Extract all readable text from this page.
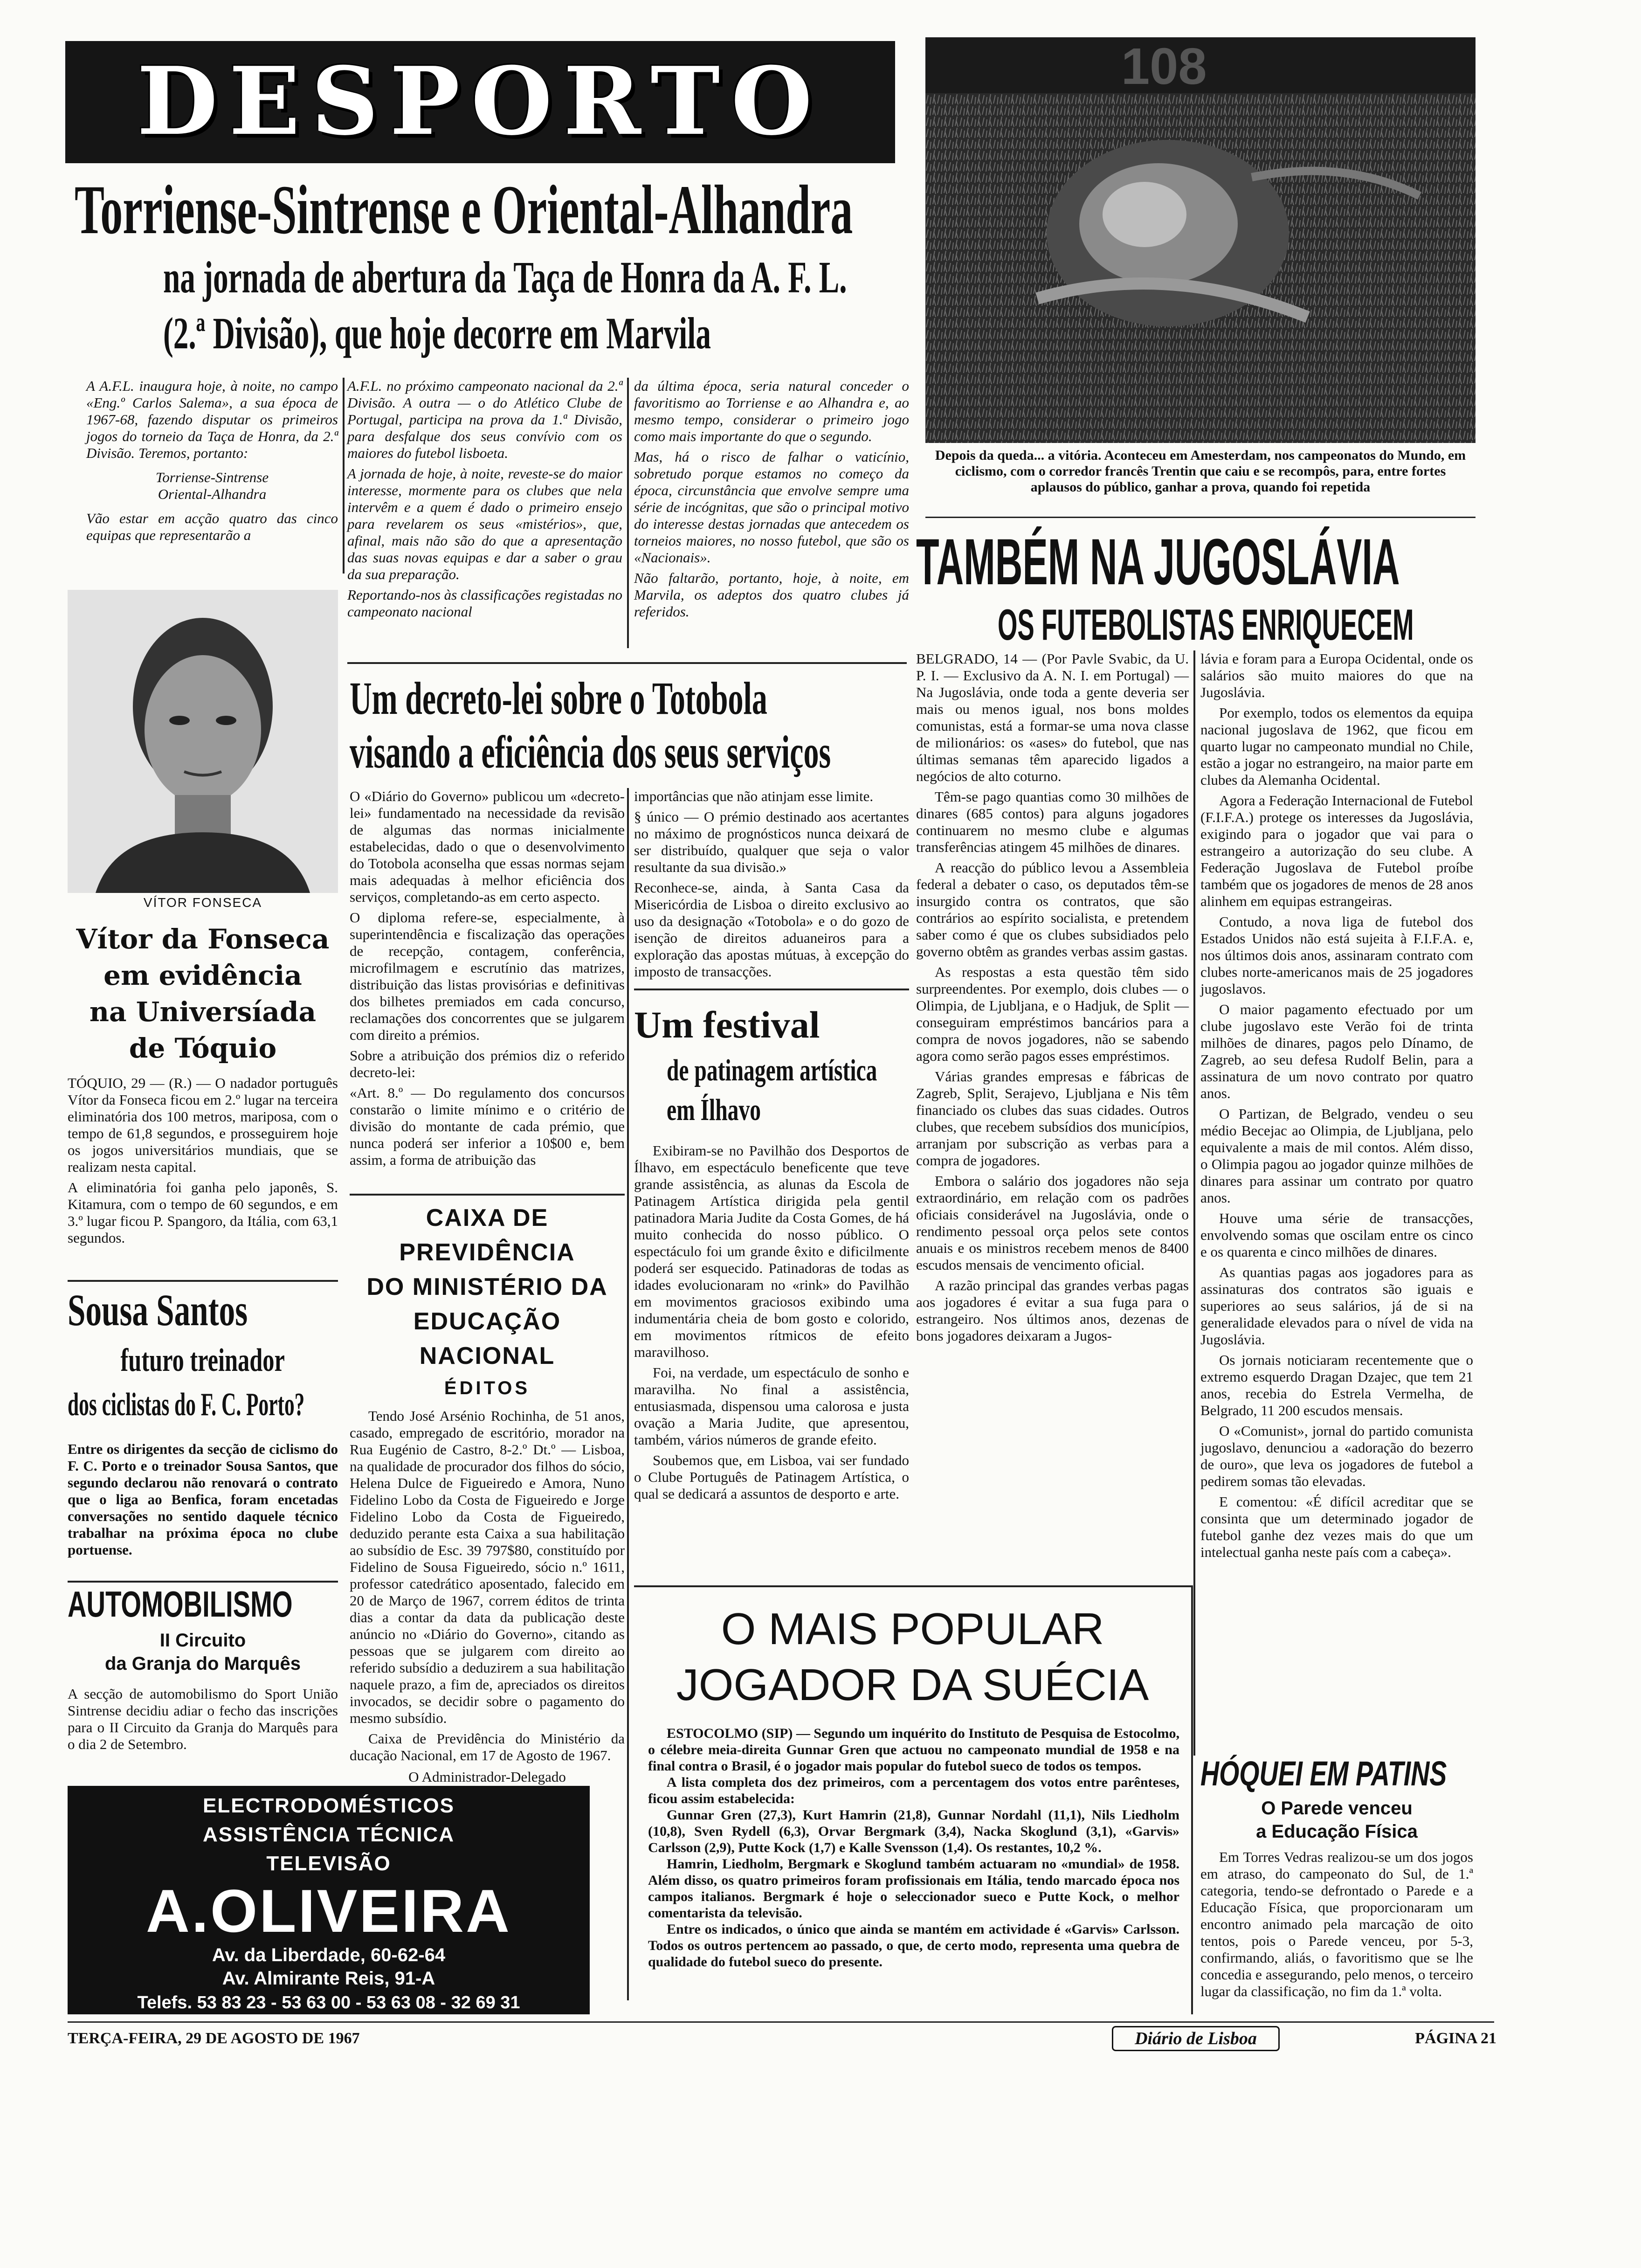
DESPORTO
Torriense-Sintrense e Oriental-Alhandra
na jornada de abertura da Taça de Honra da A. F. L.
(2.ª Divisão), que hoje decorre em Marvila

A A.F.L. inaugura hoje, à noite, no campo «Eng.º Carlos Salema», a sua época de 1967-68, fazendo disputar os primeiros jogos do torneio da Taça de Honra, da 2.ª Divisão. Teremos, portanto:

Torriense-Sintrense

Oriental-Alhandra

Vão estar em acção quatro das cinco equipas que representarão a

A.F.L. no próximo campeonato nacional da 2.ª Divisão. A outra — o do Atlético Clube de Portugal, participa na prova da 1.ª Divisão, para desfalque dos seus convívio com os maiores do futebol lisboeta.

A jornada de hoje, à noite, reveste-se do maior interesse, mormente para os clubes que nela intervêm e a quem é dado o primeiro ensejo para revelarem os seus «mistérios», que, afinal, mais não são do que a apresentação das suas novas equipas e dar a saber o grau da sua preparação.

Reportando-nos às classificações registadas no campeonato nacional

da última época, seria natural conceder o favoritismo ao Torriense e ao Alhandra e, ao mesmo tempo, considerar o primeiro jogo como mais importante do que o segundo.

Mas, há o risco de falhar o vaticínio, sobretudo porque estamos no começo da época, circunstância que envolve sempre uma série de incógnitas, que são o principal motivo do interesse destas jornadas que antecedem os torneios maiores, no nosso futebol, que são os «Nacionais».

Não faltarão, portanto, hoje, à noite, em Marvila, os adeptos dos quatro clubes já referidos.

108

Depois da queda... a vitória. Aconteceu em Amesterdam, nos campeonatos do Mundo, em ciclismo, com o corredor francês Trentin que caiu e se recompôs, para, entre fortes aplausos do público, ganhar a prova, quando foi repetida

VÍTOR FONSECA
Vítor da Fonseca
em evidência
na Universíada
de Tóquio

TÓQUIO, 29 — (R.) — O nadador português Vítor da Fonseca ficou em 2.º lugar na terceira eliminatória dos 100 metros, mariposa, com o tempo de 61,8 segundos, e prosseguirem hoje os jogos universitários mundiais, que se realizam nesta capital.

A eliminatória foi ganha pelo japonês, S. Kitamura, com o tempo de 60 segundos, e em 3.º lugar ficou P. Spangoro, da Itália, com 63,1 segundos.

Sousa Santos
futuro treinador
dos ciclistas do F. C. Porto?

Entre os dirigentes da secção de ciclismo do F. C. Porto e o treinador Sousa Santos, que segundo declarou não renovará o contrato que o liga ao Benfica, foram encetadas conversações no sentido daquele técnico trabalhar na próxima época no clube portuense.

AUTOMOBILISMO
II Circuito
da Granja do Marquês

A secção de automobilismo do Sport União Sintrense decidiu adiar o fecho das inscrições para o II Circuito da Granja do Marquês para o dia 2 de Setembro.

Um decreto-lei sobre o Totobola
visando a eficiência dos seus serviços

O «Diário do Governo» publicou um «decreto-lei» fundamentado na necessidade da revisão de algumas das normas inicialmente estabelecidas, dado o que o desenvolvimento do Totobola aconselha que essas normas sejam mais adequadas à melhor eficiência dos serviços, completando-as em certo aspecto.

O diploma refere-se, especialmente, à superintendência e fiscalização das operações de recepção, contagem, conferência, microfilmagem e escrutínio das matrizes, distribuição das listas provisórias e definitivas dos bilhetes premiados em cada concurso, reclamações dos concorrentes que se julgarem com direito a prémios.

Sobre a atribuição dos prémios diz o referido decreto-lei:

«Art. 8.º — Do regulamento dos concursos constarão o limite mínimo e o critério de divisão do montante de cada prémio, que nunca poderá ser inferior a 10$00 e, bem assim, a forma de atribuição das

importâncias que não atinjam esse limite.

§ único — O prémio destinado aos acertantes no máximo de prognósticos nunca deixará de ser distribuído, qualquer que seja o valor resultante da sua divisão.»

Reconhece-se, ainda, à Santa Casa da Misericórdia de Lisboa o direito exclusivo ao uso da designação «Totobola» e o do gozo de isenção de direitos aduaneiros para a exploração das apostas mútuas, à excepção do imposto de transacções.

CAIXA DE PREVIDÊNCIA
DO MINISTÉRIO DA
EDUCAÇÃO NACIONAL
ÉDITOS

Tendo José Arsénio Rochinha, de 51 anos, casado, empregado de escritório, morador na Rua Eugénio de Castro, 8-2.º Dt.º — Lisboa, na qualidade de procurador dos filhos do sócio, Helena Dulce de Figueiredo e Amora, Nuno Fidelino Lobo da Costa de Figueiredo e Jorge Fidelino Lobo da Costa de Figueiredo, deduzido perante esta Caixa a sua habilitação ao subsídio de Esc. 39 797$80, constituído por Fidelino de Sousa Figueiredo, sócio n.º 1611, professor catedrático aposentado, falecido em 20 de Março de 1967, correm éditos de trinta dias a contar da data da publicação deste anúncio no «Diário do Governo», citando as pessoas que se julgarem com direito ao referido subsídio a deduzirem a sua habilitação naquele prazo, a fim de, apreciados os direitos invocados, se decidir sobre o pagamento do mesmo subsídio.

Caixa de Previdência do Ministério da ducação Nacional, em 17 de Agosto de 1967.

O Administrador-Delegado
Um festival
de patinagem artística
em Ílhavo

Exibiram-se no Pavilhão dos Desportos de Ílhavo, em espectáculo beneficente que teve grande assistência, as alunas da Escola de Patinagem Artística dirigida pela gentil patinadora Maria Judite da Costa Gomes, de há muito conhecida do nosso público. O espectáculo foi um grande êxito e dificilmente poderá ser esquecido. Patinadoras de todas as idades evolucionaram no «rink» do Pavilhão em movimentos graciosos exibindo uma indumentária cheia de bom gosto e colorido, em movimentos rítmicos de efeito maravilhoso.

Foi, na verdade, um espectáculo de sonho e maravilha. No final a assistência, entusiasmada, dispensou uma calorosa e justa ovação a Maria Judite, que apresentou, também, vários números de grande efeito.

Soubemos que, em Lisboa, vai ser fundado o Clube Português de Patinagem Artística, o qual se dedicará a assuntos de desporto e arte.

TAMBÉM NA JUGOSLÁVIA
OS FUTEBOLISTAS ENRIQUECEM

BELGRADO, 14 — (Por Pavle Svabic, da U. P. I. — Exclusivo da A. N. I. em Portugal) — Na Jugoslávia, onde toda a gente deveria ser mais ou menos igual, nos bons moldes comunistas, está a formar-se uma nova classe de milionários: os «ases» do futebol, que nas últimas semanas têm aparecido ligados a negócios de alto coturno.

Têm-se pago quantias como 30 milhões de dinares (685 contos) para alguns jogadores continuarem no mesmo clube e algumas transferências atingem 45 milhões de dinares.

A reacção do público levou a Assembleia federal a debater o caso, os deputados têm-se insurgido contra os contratos, que são contrários ao espírito socialista, e pretendem saber como é que os clubes subsidiados pelo governo obtêm as grandes verbas assim gastas.

As respostas a esta questão têm sido surpreendentes. Por exemplo, dois clubes — o Olimpia, de Ljubljana, e o Hadjuk, de Split — conseguiram empréstimos bancários para a compra de novos jogadores, não se sabendo agora como serão pagos esses empréstimos.

Várias grandes empresas e fábricas de Zagreb, Split, Serajevo, Ljubljana e Nis têm financiado os clubes das suas cidades. Outros clubes, que recebem subsídios dos municípios, arranjam por subscrição as verbas para a compra de jogadores.

Embora o salário dos jogadores não seja extraordinário, em relação com os padrões oficiais considerável na Jugoslávia, onde o rendimento pessoal orça pelos sete contos anuais e os ministros recebem menos de 8400 escudos mensais de vencimento oficial.

A razão principal das grandes verbas pagas aos jogadores é evitar a sua fuga para o estrangeiro. Nos últimos anos, dezenas de bons jogadores deixaram a Jugos-

lávia e foram para a Europa Ocidental, onde os salários são muito maiores do que na Jugoslávia.

Por exemplo, todos os elementos da equipa nacional jugoslava de 1962, que ficou em quarto lugar no campeonato mundial no Chile, estão a jogar no estrangeiro, na maior parte em clubes da Alemanha Ocidental.

Agora a Federação Internacional de Futebol (F.I.F.A.) protege os interesses da Jugoslávia, exigindo para o jogador que vai para o estrangeiro a autorização do seu clube. A Federação Jugoslava de Futebol proíbe também que os jogadores de menos de 28 anos alinhem em equipas estrangeiras.

Contudo, a nova liga de futebol dos Estados Unidos não está sujeita à F.I.F.A. e, nos últimos dois anos, assinaram contrato com clubes norte-americanos mais de 25 jogadores jugoslavos.

O maior pagamento efectuado por um clube jugoslavo este Verão foi de trinta milhões de dinares, pagos pelo Dínamo, de Zagreb, ao seu defesa Rudolf Belin, para a assinatura de um novo contrato por quatro anos.

O Partizan, de Belgrado, vendeu o seu médio Becejac ao Olimpia, de Ljubljana, pelo equivalente a mais de mil contos. Além disso, o Olimpia pagou ao jogador quinze milhões de dinares para assinar um contrato por quatro anos.

Houve uma série de transacções, envolvendo somas que oscilam entre os cinco e os quarenta e cinco milhões de dinares.

As quantias pagas aos jogadores para as assinaturas dos contratos são iguais e superiores ao seus salários, já de si na generalidade elevados para o nível de vida na Jugoslávia.

Os jornais noticiaram recentemente que o extremo esquerdo Dragan Dzajec, que tem 21 anos, recebia do Estrela Vermelha, de Belgrado, 11 200 escudos mensais.

O «Comunist», jornal do partido comunista jugoslavo, denunciou a «adoração do bezerro de ouro», que leva os jogadores de futebol a pedirem somas tão elevadas.

E comentou: «É difícil acreditar que se consinta que um determinado jogador de futebol ganhe dez vezes mais do que um intelectual ganha neste país com a cabeça».

O MAIS POPULAR
JOGADOR DA SUÉCIA

ESTOCOLMO (SIP) — Segundo um inquérito do Instituto de Pesquisa de Estocolmo, o célebre meia-direita Gunnar Gren que actuou no campeonato mundial de 1958 e na final contra o Brasil, é o jogador mais popular do futebol sueco de todos os tempos.

A lista completa dos dez primeiros, com a percentagem dos votos entre parênteses, ficou assim estabelecida:

Gunnar Gren (27,3), Kurt Hamrin (21,8), Gunnar Nordahl (11,1), Nils Liedholm (10,8), Sven Rydell (6,3), Orvar Bergmark (3,4), Nacka Skoglund (3,1), «Garvis» Carlsson (2,9), Putte Kock (1,7) e Kalle Svensson (1,4). Os restantes, 10,2 %.

Hamrin, Liedholm, Bergmark e Skoglund também actuaram no «mundial» de 1958. Além disso, os quatro primeiros foram profissionais em Itália, tendo marcado época nos campos italianos. Bergmark é hoje o seleccionador sueco e Putte Kock, o melhor comentarista da televisão.

Entre os indicados, o único que ainda se mantém em actividade é «Garvis» Carlsson. Todos os outros pertencem ao passado, o que, de certo modo, representa uma quebra de qualidade do futebol sueco do presente.

HÓQUEI EM PATINS
O Parede venceu
a Educação Física

Em Torres Vedras realizou-se um dos jogos em atraso, do campeonato do Sul, de 1.ª categoria, tendo-se defrontado o Parede e a Educação Física, que proporcionaram um encontro animado pela marcação de oito tentos, pois o Parede venceu, por 5-3, confirmando, aliás, o favoritismo que se lhe concedia e assegurando, pelo menos, o terceiro lugar da classificação, no fim da 1.ª volta.

ELECTRODOMÉSTICOS
ASSISTÊNCIA TÉCNICA
TELEVISÃO
A.OLIVEIRA
Av. da Liberdade, 60-62-64
Av. Almirante Reis, 91-A
Telefs. 53 83 23 - 53 63 00 - 53 63 08 - 32 69 31
TERÇA-FEIRA, 29 DE AGOSTO DE 1967	Diário de Lisboa	PÁGINA 21
